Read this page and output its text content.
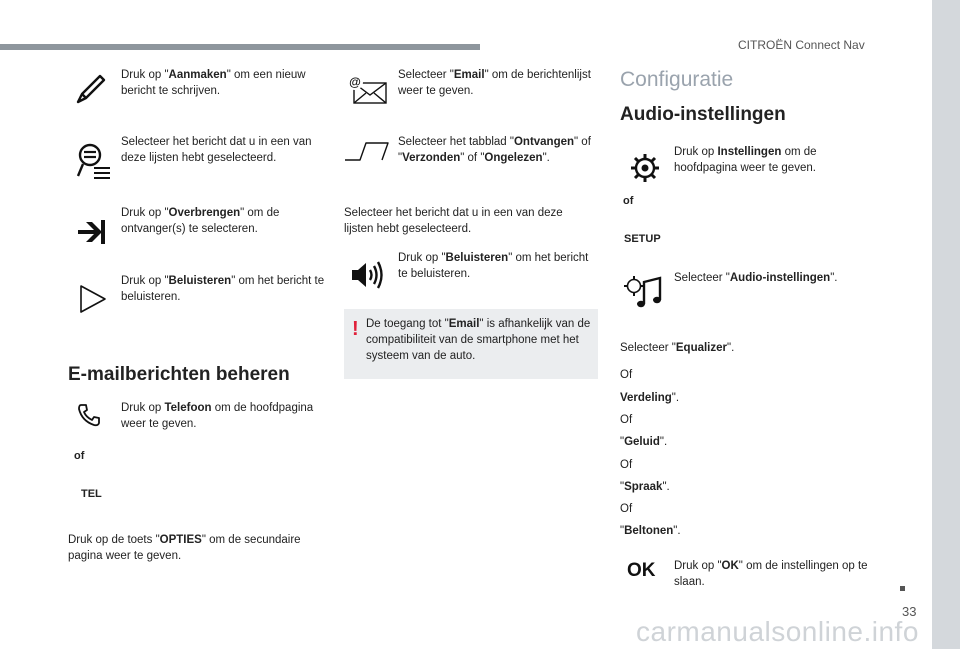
CITROËN Connect Nav
33
Druk op "Aanmaken" om een nieuw bericht te schrijven.
Selecteer het bericht dat u in een van deze lijsten hebt geselecteerd.
Druk op "Overbrengen" om de ontvanger(s) te selecteren.
Druk op "Beluisteren" om het bericht te beluisteren.
E-mailberichten beheren
Druk op Telefoon om de hoofdpagina weer te geven.
of
TEL
Druk op de toets "OPTIES" om de secundaire pagina weer te geven.
@	Selecteer "Email" om de berichtenlijst weer te geven.
Selecteer het tabblad "Ontvangen" of "Verzonden" of "Ongelezen".
Selecteer het bericht dat u in een van deze lijsten hebt geselecteerd.
Druk op "Beluisteren" om het bericht te beluisteren.
! De toegang tot "Email" is afhankelijk van de compatibiliteit van de smartphone met het systeem van de auto.
Configuratie
Audio-instellingen
Druk op Instellingen om de hoofdpagina weer te geven.
of
SETUP
Selecteer "Audio-instellingen".
Selecteer "Equalizer".
Of
Verdeling".
Of
"Geluid".
Of
"Spraak".
Of
"Beltonen".
OK Druk op "OK" om de instellingen op te slaan.
carmanualsonline.info
